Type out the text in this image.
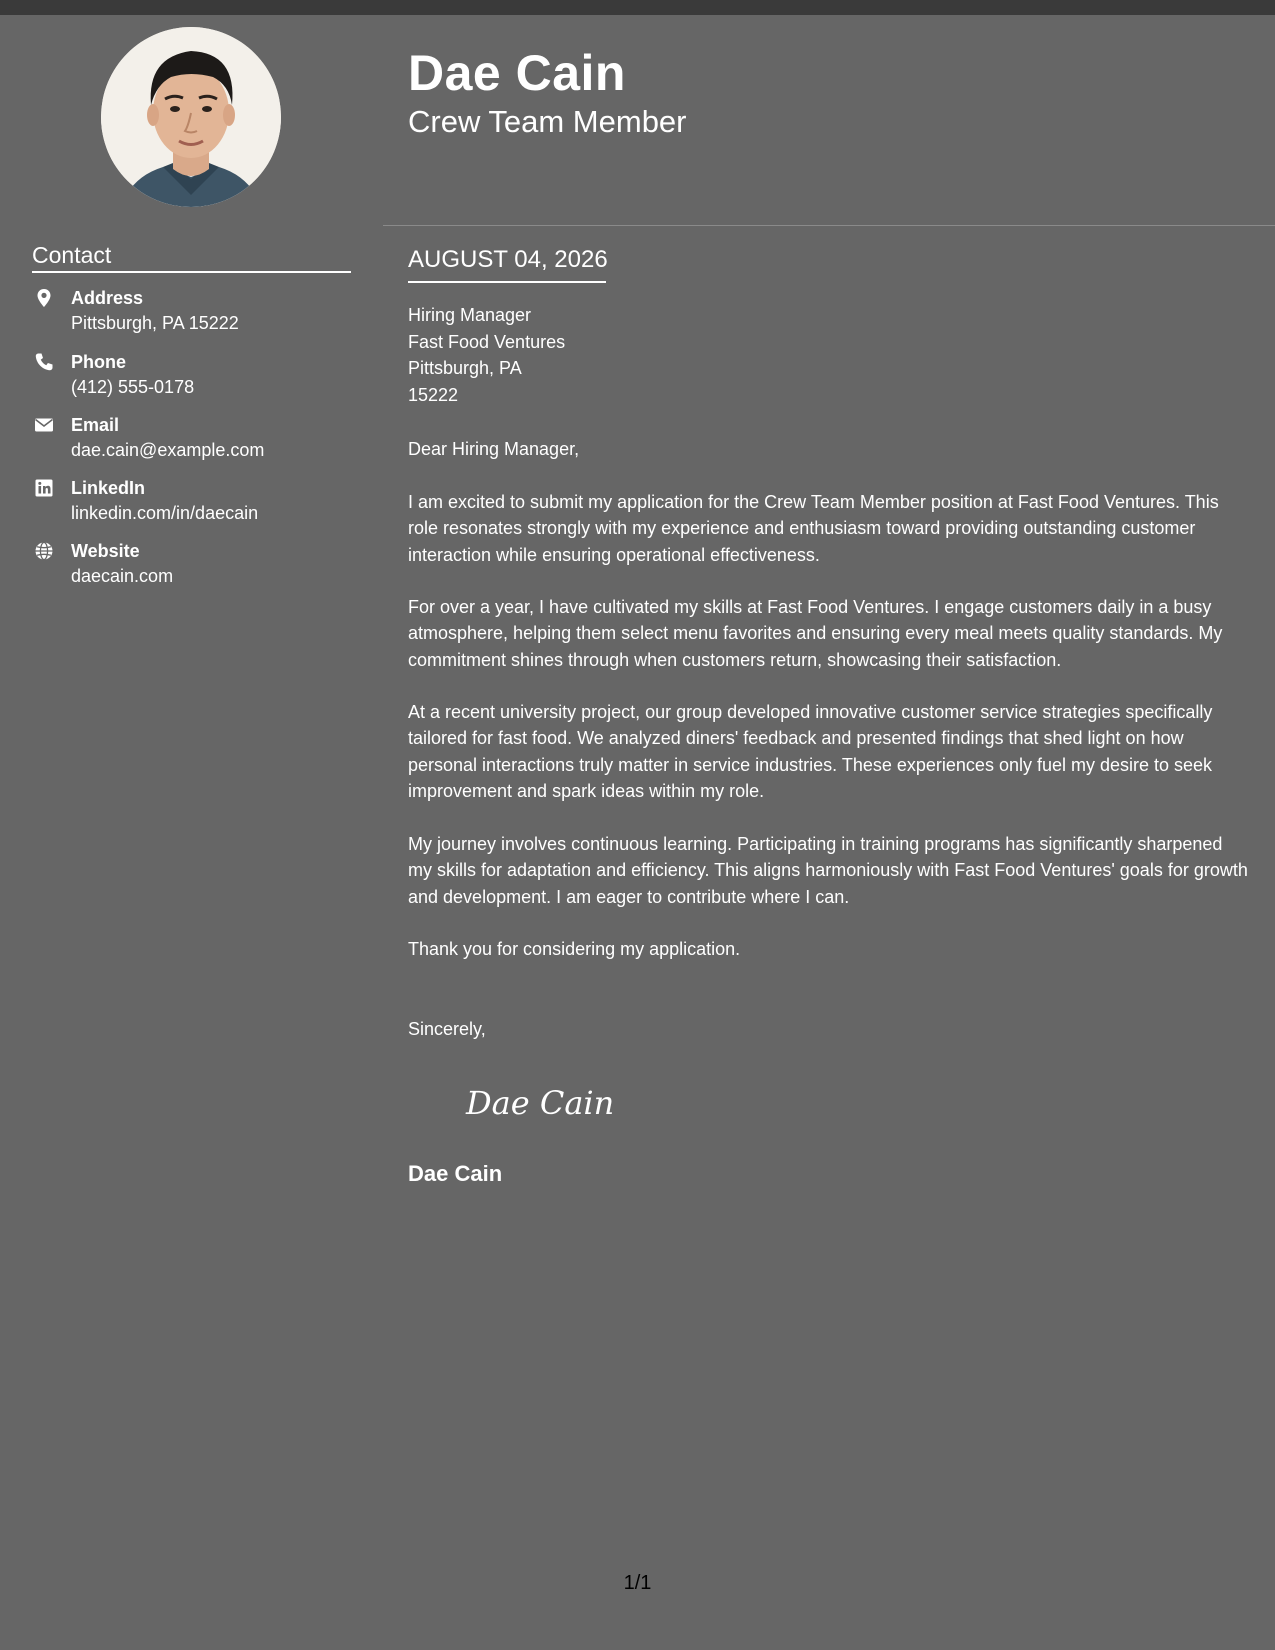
Dae Cain
Crew Team Member
Contact
Address
Pittsburgh, PA 15222
Phone
(412) 555-0178
Email
dae.cain@example.com
LinkedIn
linkedin.com/in/daecain
Website
daecain.com
AUGUST 04, 2026
Hiring Manager
Fast Food Ventures
Pittsburgh, PA
15222
Dear Hiring Manager,
I am excited to submit my application for the Crew Team Member position at Fast Food Ventures. This role resonates strongly with my experience and enthusiasm toward providing outstanding customer interaction while ensuring operational effectiveness.
For over a year, I have cultivated my skills at Fast Food Ventures. I engage customers daily in a busy atmosphere, helping them select menu favorites and ensuring every meal meets quality standards. My commitment shines through when customers return, showcasing their satisfaction.
At a recent university project, our group developed innovative customer service strategies specifically tailored for fast food. We analyzed diners' feedback and presented findings that shed light on how personal interactions truly matter in service industries. These experiences only fuel my desire to seek improvement and spark ideas within my role.
My journey involves continuous learning. Participating in training programs has significantly sharpened my skills for adaptation and efficiency. This aligns harmoniously with Fast Food Ventures' goals for growth and development. I am eager to contribute where I can.
Thank you for considering my application.
Sincerely,
Dae Cain
Dae Cain
1/1
